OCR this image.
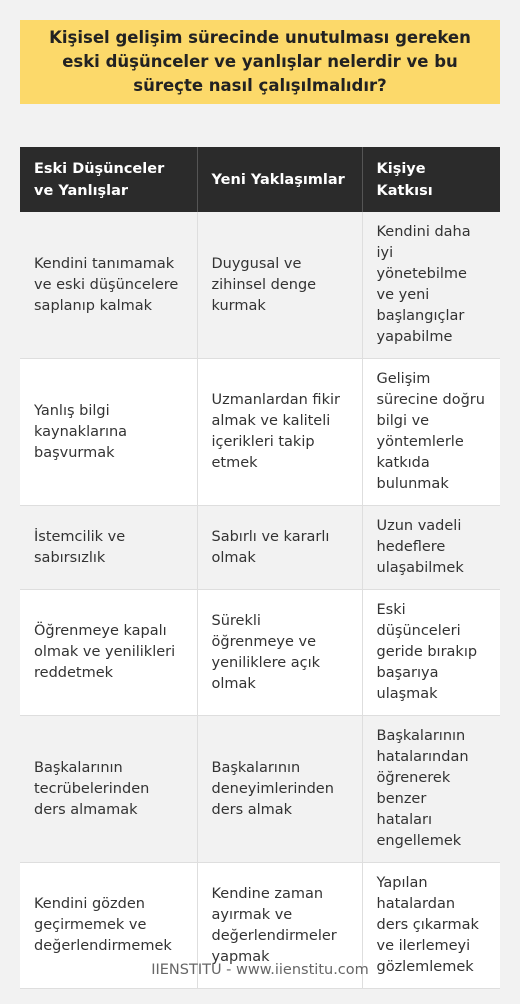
Kişisel gelişim sürecinde unutulması gereken eski düşünceler ve yanlışlar nelerdir ve bu süreçte nasıl çalışılmalıdır?
Eski Düşünceler ve Yanlışlar	Yeni Yaklaşımlar	Kişiye Katkısı
Kendini tanımamak ve eski düşüncelere saplanıp kalmak	Duygusal ve zihinsel denge kurmak	Kendini daha iyi yönetebilme ve yeni başlangıçlar yapabilme
Yanlış bilgi kaynaklarına başvurmak	Uzmanlardan fikir almak ve kaliteli içerikleri takip etmek	Gelişim sürecine doğru bilgi ve yöntemlerle katkıda bulunmak
İstemcilik ve sabırsızlık	Sabırlı ve kararlı olmak	Uzun vadeli hedeflere ulaşabilmek
Öğrenmeye kapalı olmak ve yenilikleri reddetmek	Sürekli öğrenmeye ve yeniliklere açık olmak	Eski düşünceleri geride bırakıp başarıya ulaşmak
Başkalarının tecrübelerinden ders almamak	Başkalarının deneyimlerinden ders almak	Başkalarının hatalarından öğrenerek benzer hataları engellemek
Kendini gözden geçirmemek ve değerlendirmemek	Kendine zaman ayırmak ve değerlendirmeler yapmak	Yapılan hatalardan ders çıkarmak ve ilerlemeyi gözlemlemek
IIENSTITU - www.iienstitu.com
